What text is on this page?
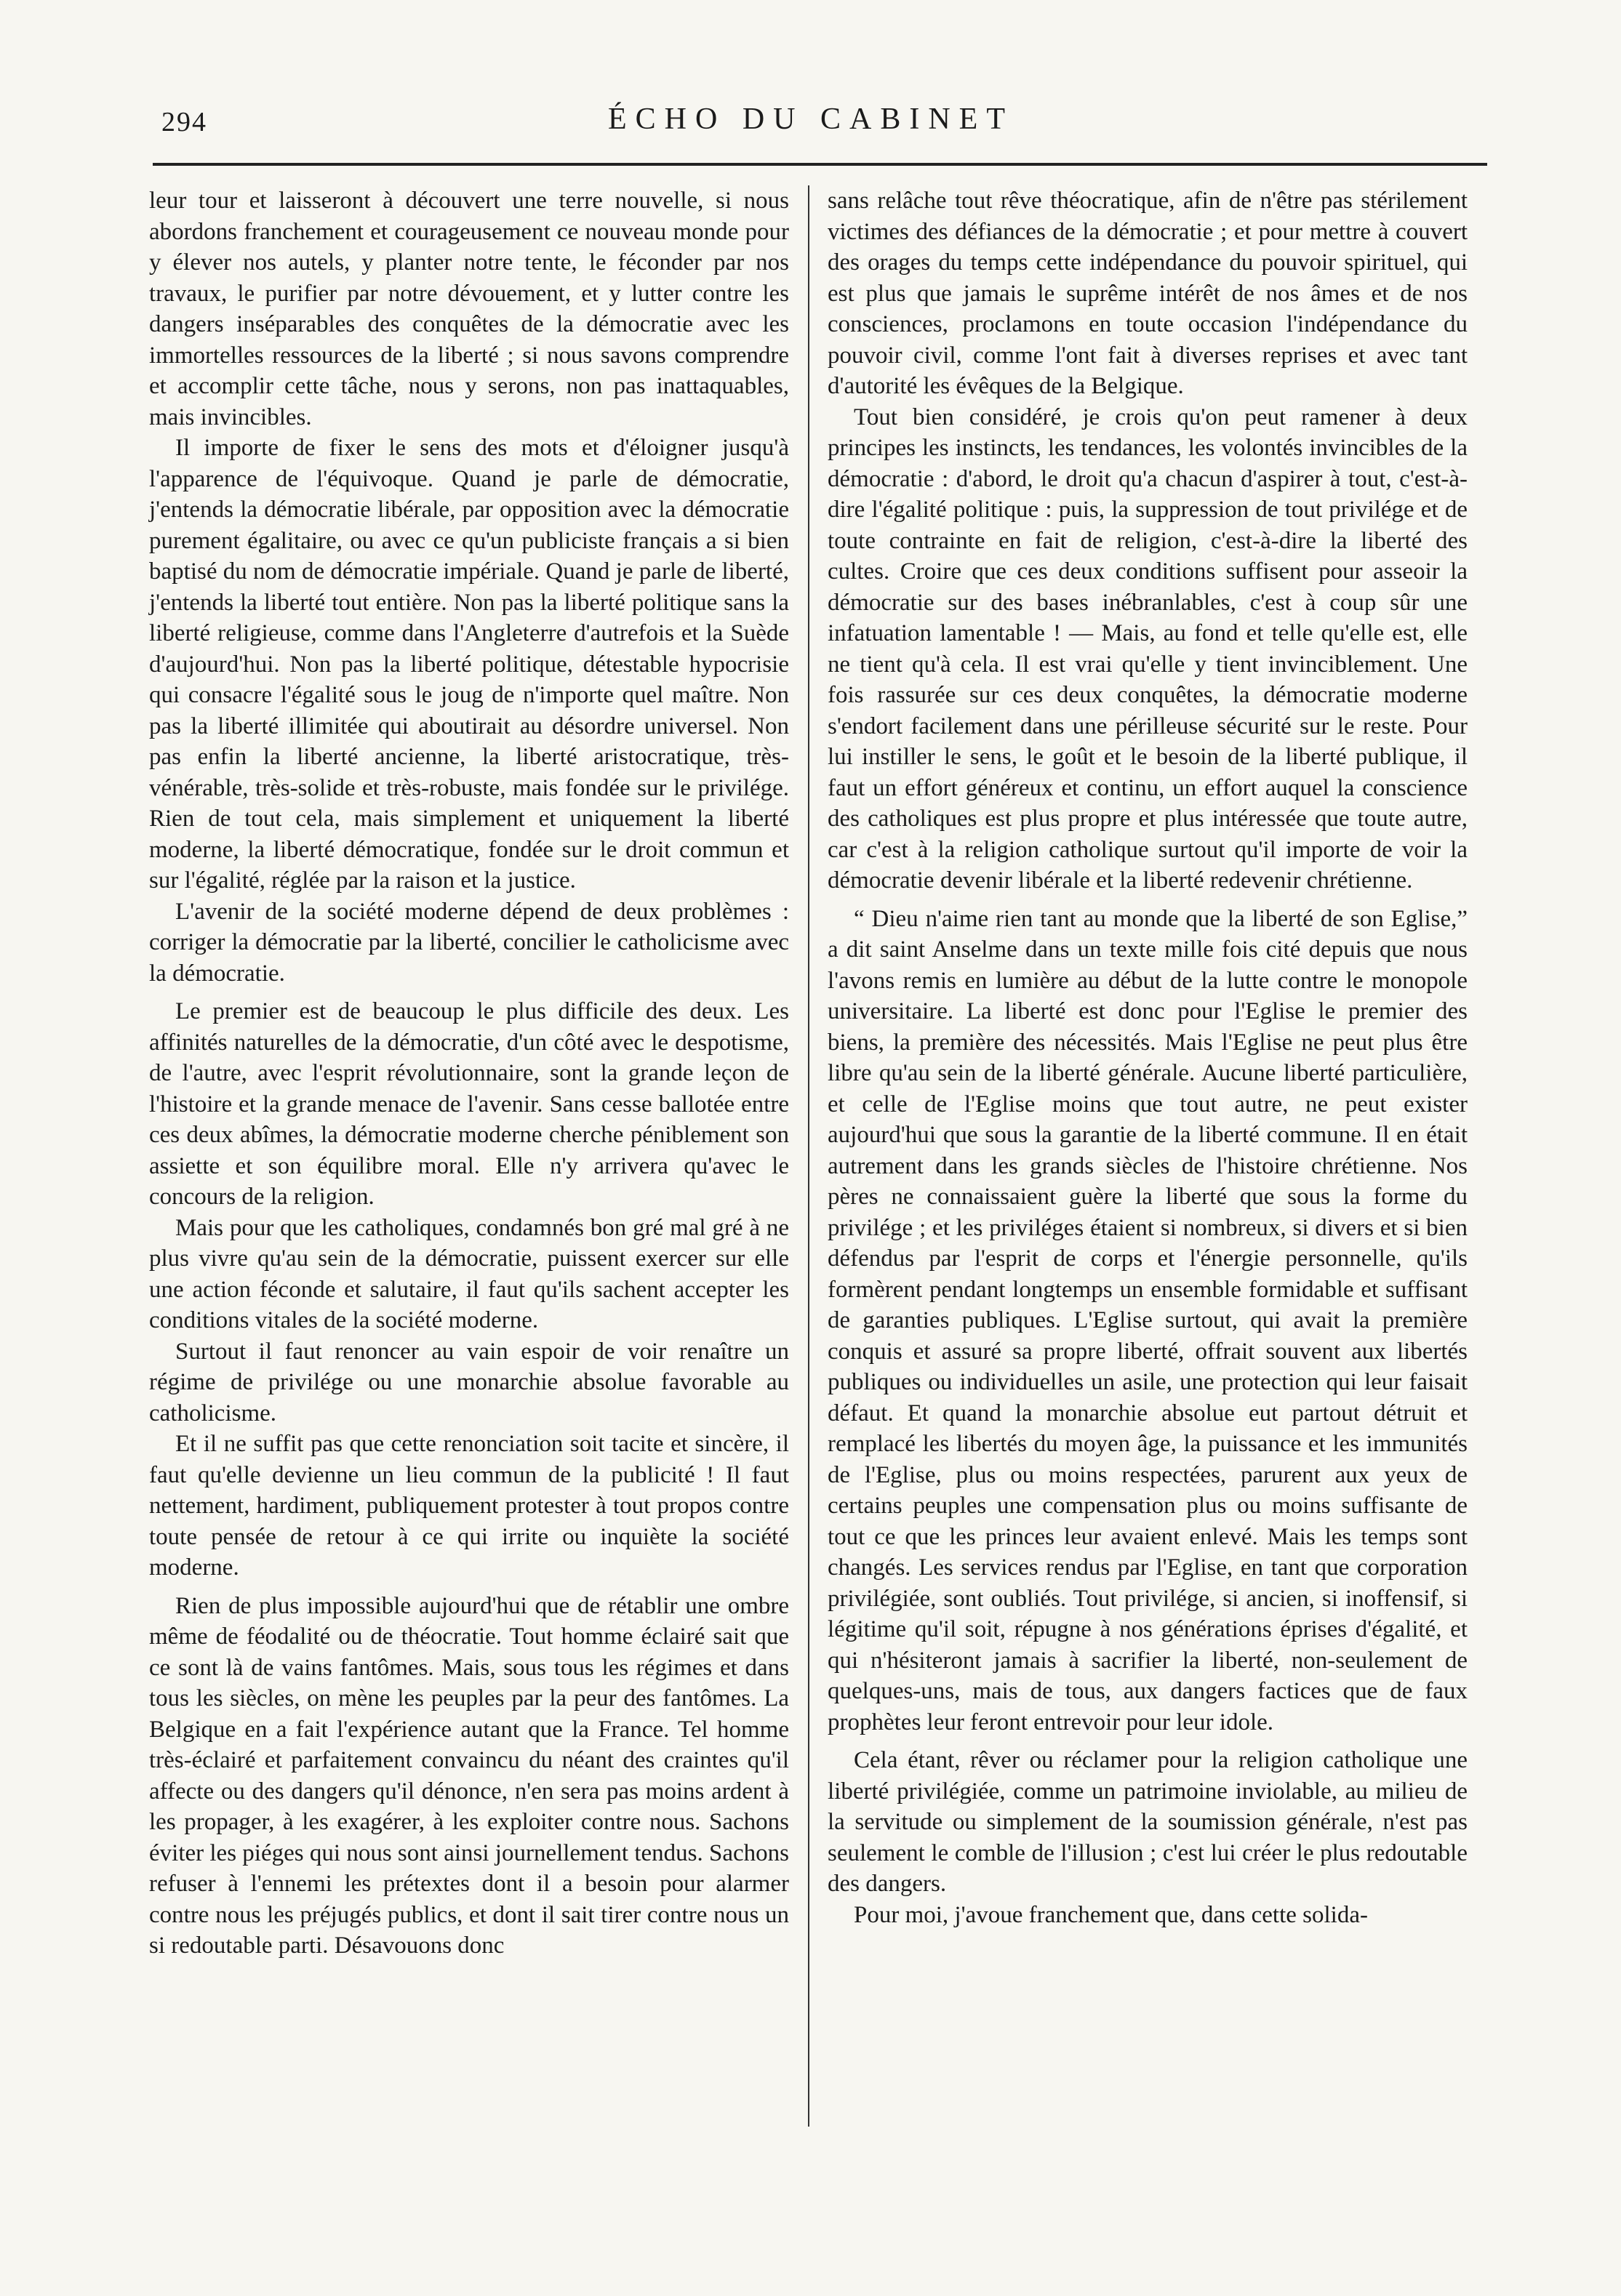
294	ÉCHO DU CABINET

leur tour et laisseront à découvert une terre nouvelle, si nous abordons franchement et courageusement ce nouveau monde pour y élever nos autels, y planter notre tente, le féconder par nos travaux, le purifier par notre dévouement, et y lutter contre les dangers inséparables des conquêtes de la démocratie avec les immortelles ressources de la liberté ; si nous savons comprendre et accomplir cette tâche, nous y serons, non pas inattaquables, mais invincibles.

Il importe de fixer le sens des mots et d'éloigner jusqu'à l'apparence de l'équivoque. Quand je parle de démocratie, j'entends la démocratie libérale, par opposition avec la démocratie purement égalitaire, ou avec ce qu'un publiciste français a si bien baptisé du nom de démocratie impériale. Quand je parle de liberté, j'entends la liberté tout entière. Non pas la liberté politique sans la liberté religieuse, comme dans l'Angleterre d'autrefois et la Suède d'aujourd'hui. Non pas la liberté politique, détestable hypocrisie qui consacre l'égalité sous le joug de n'importe quel maître. Non pas la liberté illimitée qui aboutirait au désordre universel. Non pas enfin la liberté ancienne, la liberté aristocratique, très-vénérable, très-solide et très-robuste, mais fondée sur le privilége. Rien de tout cela, mais simplement et uniquement la liberté moderne, la liberté démocratique, fondée sur le droit commun et sur l'égalité, réglée par la raison et la justice.

L'avenir de la société moderne dépend de deux problèmes : corriger la démocratie par la liberté, concilier le catholicisme avec la démocratie.

Le premier est de beaucoup le plus difficile des deux. Les affinités naturelles de la démocratie, d'un côté avec le despotisme, de l'autre, avec l'esprit révolutionnaire, sont la grande leçon de l'histoire et la grande menace de l'avenir. Sans cesse ballotée entre ces deux abîmes, la démocratie moderne cherche péniblement son assiette et son équilibre moral. Elle n'y arrivera qu'avec le concours de la religion.

Mais pour que les catholiques, condamnés bon gré mal gré à ne plus vivre qu'au sein de la démocratie, puissent exercer sur elle une action féconde et salutaire, il faut qu'ils sachent accepter les conditions vitales de la société moderne.

Surtout il faut renoncer au vain espoir de voir renaître un régime de privilége ou une monarchie absolue favorable au catholicisme.

Et il ne suffit pas que cette renonciation soit tacite et sincère, il faut qu'elle devienne un lieu commun de la publicité ! Il faut nettement, hardiment, publiquement protester à tout propos contre toute pensée de retour à ce qui irrite ou inquiète la société moderne.

Rien de plus impossible aujourd'hui que de rétablir une ombre même de féodalité ou de théocratie. Tout homme éclairé sait que ce sont là de vains fantômes. Mais, sous tous les régimes et dans tous les siècles, on mène les peuples par la peur des fantômes. La Belgique en a fait l'expérience autant que la France. Tel homme très-éclairé et parfaitement convaincu du néant des craintes qu'il affecte ou des dangers qu'il dénonce, n'en sera pas moins ardent à les propager, à les exagérer, à les exploiter contre nous. Sachons éviter les piéges qui nous sont ainsi journellement tendus. Sachons refuser à l'ennemi les prétextes dont il a besoin pour alarmer contre nous les préjugés publics, et dont il sait tirer contre nous un si redoutable parti. Désavouons donc

sans relâche tout rêve théocratique, afin de n'être pas stérilement victimes des défiances de la démocratie ; et pour mettre à couvert des orages du temps cette indépendance du pouvoir spirituel, qui est plus que jamais le suprême intérêt de nos âmes et de nos consciences, proclamons en toute occasion l'indépendance du pouvoir civil, comme l'ont fait à diverses reprises et avec tant d'autorité les évêques de la Belgique.

Tout bien considéré, je crois qu'on peut ramener à deux principes les instincts, les tendances, les volontés invincibles de la démocratie : d'abord, le droit qu'a chacun d'aspirer à tout, c'est-à-dire l'égalité politique : puis, la suppression de tout privilége et de toute contrainte en fait de religion, c'est-à-dire la liberté des cultes. Croire que ces deux conditions suffisent pour asseoir la démocratie sur des bases inébranlables, c'est à coup sûr une infatuation lamentable ! — Mais, au fond et telle qu'elle est, elle ne tient qu'à cela. Il est vrai qu'elle y tient invinciblement. Une fois rassurée sur ces deux conquêtes, la démocratie moderne s'endort facilement dans une périlleuse sécurité sur le reste. Pour lui instiller le sens, le goût et le besoin de la liberté publique, il faut un effort généreux et continu, un effort auquel la conscience des catholiques est plus propre et plus intéressée que toute autre, car c'est à la religion catholique surtout qu'il importe de voir la démocratie devenir libérale et la liberté redevenir chrétienne.

“ Dieu n'aime rien tant au monde que la liberté de son Eglise,” a dit saint Anselme dans un texte mille fois cité depuis que nous l'avons remis en lumière au début de la lutte contre le monopole universitaire. La liberté est donc pour l'Eglise le premier des biens, la première des nécessités. Mais l'Eglise ne peut plus être libre qu'au sein de la liberté générale. Aucune liberté particulière, et celle de l'Eglise moins que tout autre, ne peut exister aujourd'hui que sous la garantie de la liberté commune. Il en était autrement dans les grands siècles de l'histoire chrétienne. Nos pères ne connaissaient guère la liberté que sous la forme du privilége ; et les priviléges étaient si nombreux, si divers et si bien défendus par l'esprit de corps et l'énergie personnelle, qu'ils formèrent pendant longtemps un ensemble formidable et suffisant de garanties publiques. L'Eglise surtout, qui avait la première conquis et assuré sa propre liberté, offrait souvent aux libertés publiques ou individuelles un asile, une protection qui leur faisait défaut. Et quand la monarchie absolue eut partout détruit et remplacé les libertés du moyen âge, la puissance et les immunités de l'Eglise, plus ou moins respectées, parurent aux yeux de certains peuples une compensation plus ou moins suffisante de tout ce que les princes leur avaient enlevé. Mais les temps sont changés. Les services rendus par l'Eglise, en tant que corporation privilégiée, sont oubliés. Tout privilége, si ancien, si inoffensif, si légitime qu'il soit, répugne à nos générations éprises d'égalité, et qui n'hésiteront jamais à sacrifier la liberté, non-seulement de quelques-uns, mais de tous, aux dangers factices que de faux prophètes leur feront entrevoir pour leur idole.

Cela étant, rêver ou réclamer pour la religion catholique une liberté privilégiée, comme un patrimoine inviolable, au milieu de la servitude ou simplement de la soumission générale, n'est pas seulement le comble de l'illusion ; c'est lui créer le plus redoutable des dangers.

Pour moi, j'avoue franchement que, dans cette solida-
